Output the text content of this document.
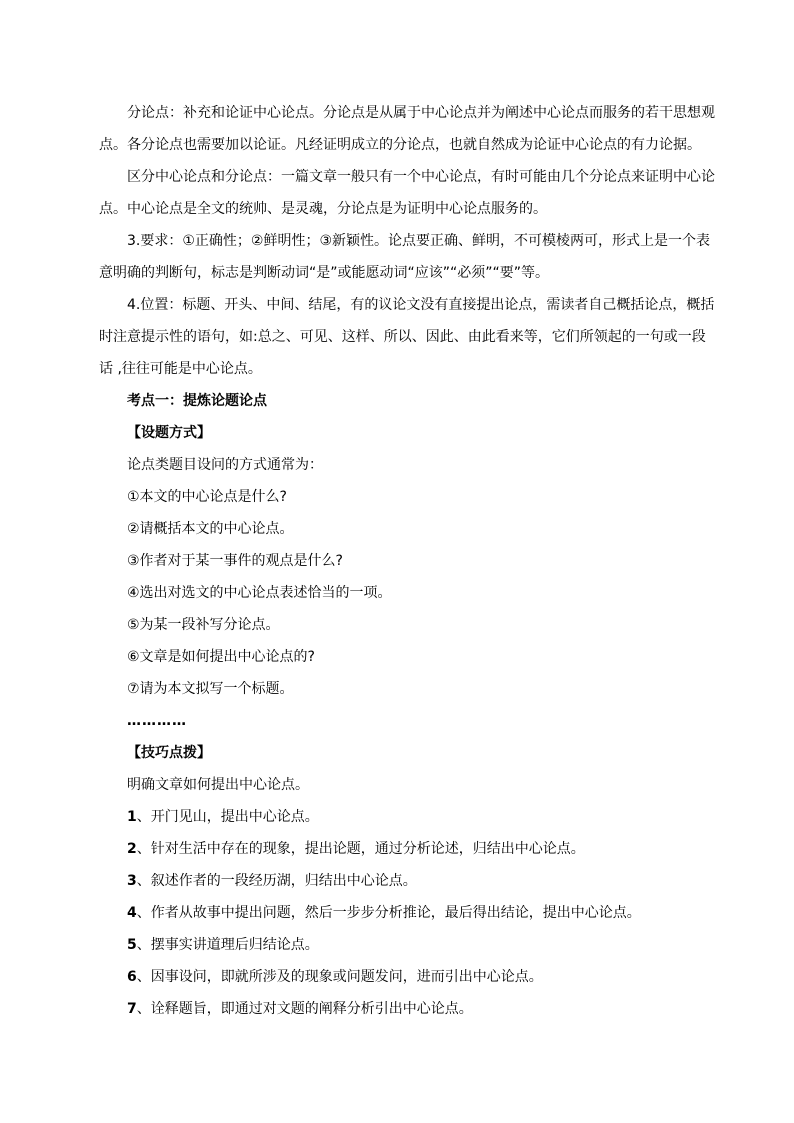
分论点：补充和论证中心论点。分论点是从属于中心论点并为阐述中心论点而服务的若干思想观点。各分论点也需要加以论证。凡经证明成立的分论点，也就自然成为论证中心论点的有力论据。

区分中心论点和分论点：一篇文章一般只有一个中心论点，有时可能由几个分论点来证明中心论点。中心论点是全文的统帅、是灵魂，分论点是为证明中心论点服务的。

3.要求：①正确性；②鲜明性；③新颖性。论点要正确、鲜明，不可模棱两可，形式上是一个表意明确的判断句，标志是判断动词“是”或能愿动词“应该”“必须”“要”等。

4.位置：标题、开头、中间、结尾，有的议论文没有直接提出论点，需读者自己概括论点，概括时注意提示性的语句，如:总之、可见、这样、所以、因此、由此看来等，它们所领起的一句或一段话 ,往往可能是中心论点。

考点一：提炼论题论点

【设题方式】

论点类题目设问的方式通常为：

①本文的中心论点是什么?

②请概括本文的中心论点。

③作者对于某一事件的观点是什么?

④选出对选文的中心论点表述恰当的一项。

⑤为某一段补写分论点。

⑥文章是如何提出中心论点的?

⑦请为本文拟写一个标题。

…………

【技巧点拨】

明确文章如何提出中心论点。

1、开门见山，提出中心论点。

2、针对生活中存在的现象，提出论题，通过分析论述，归结出中心论点。

3、叙述作者的一段经历湖，归结出中心论点。

4、作者从故事中提出问题，然后一步步分析推论，最后得出结论，提出中心论点。

5、摆事实讲道理后归结论点。

6、因事设问，即就所涉及的现象或问题发问，进而引出中心论点。

7、诠释题旨，即通过对文题的阐释分析引出中心论点。
